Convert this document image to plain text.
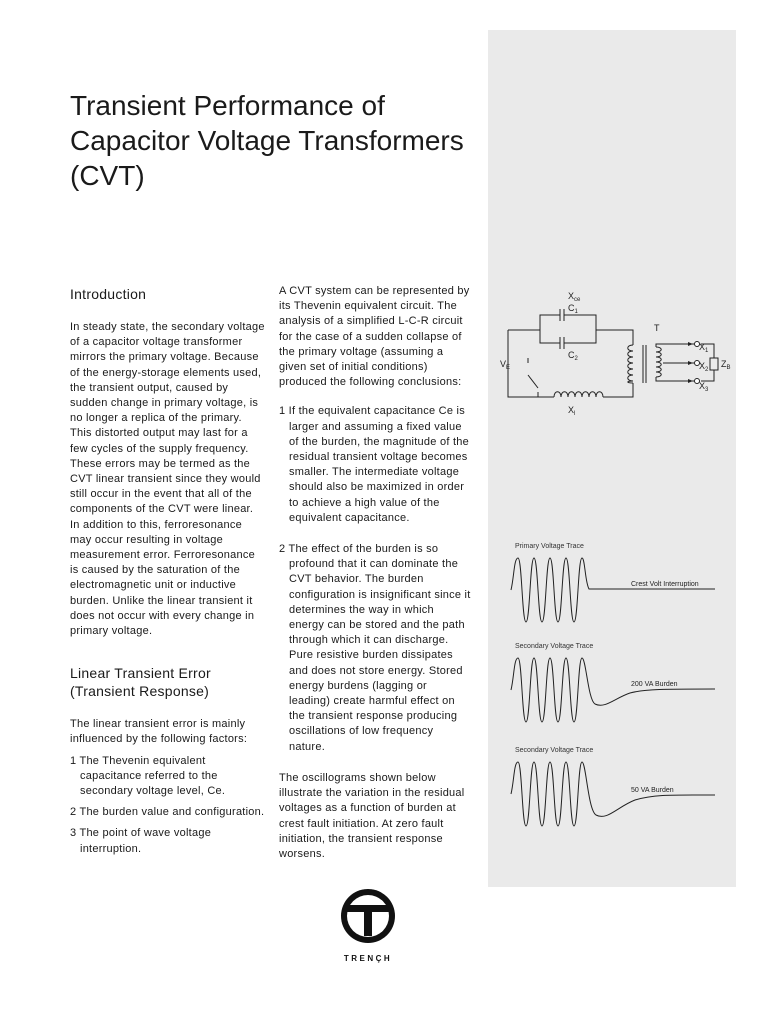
Transient Performance of Capacitor Voltage Transformers (CVT)
Introduction

In steady state, the secondary voltage of a capacitor voltage transformer mirrors the primary voltage. Because of the energy-storage elements used, the transient output, caused by sudden change in primary voltage, is no longer a replica of the primary. This distorted output may last for a few cycles of the supply frequency. These errors may be termed as the CVT linear transient since they would still occur in the event that all of the components of the CVT were linear. In addition to this, ferroresonance may occur resulting in voltage measurement error. Ferroresonance is caused by the saturation of the electromagnetic unit or inductive burden. Unlike the linear transient it does not occur with every change in primary voltage.

Linear Transient Error (Transient Response)

The linear transient error is mainly influenced by the following factors:

1 The Thevenin equivalent capacitance referred to the secondary voltage level, Ce.

2 The burden value and configuration.

3 The point of wave voltage interruption.

A CVT system can be represented by its Thevenin equivalent circuit. The analysis of a simplified L-C-R circuit for the case of a sudden collapse of the primary voltage (assuming a given set of initial conditions) produced the following conclusions:

1 If the equivalent capacitance Ce is larger and assuming a fixed value of the burden, the magnitude of the residual transient voltage becomes smaller. The intermediate voltage should also be maximized in order to achieve a high value of the equivalent capacitance.

2 The effect of the burden is so profound that it can dominate the CVT behavior. The burden configuration is insignificant since it determines the way in which energy can be stored and the path through which it can discharge. Pure resistive burden dissipates and does not store energy. Stored energy burdens (lagging or leading) create harmful effect on the transient response producing oscillations of low frequency nature.

The oscillograms shown below illustrate the variation in the residual voltages as a function of burden at crest fault initiation. At zero fault initiation, the transient response worsens.

$X_{ce}$
$C_1$
$C_2$
T
$V_E$
$X_l$
$X_1$
$X_2$
$X_3$
$Z_B$
Primary Voltage Trace
Crest Volt Interruption
Secondary Voltage Trace
200 VA Burden
Secondary Voltage Trace
50 VA Burden
TRENÇH
